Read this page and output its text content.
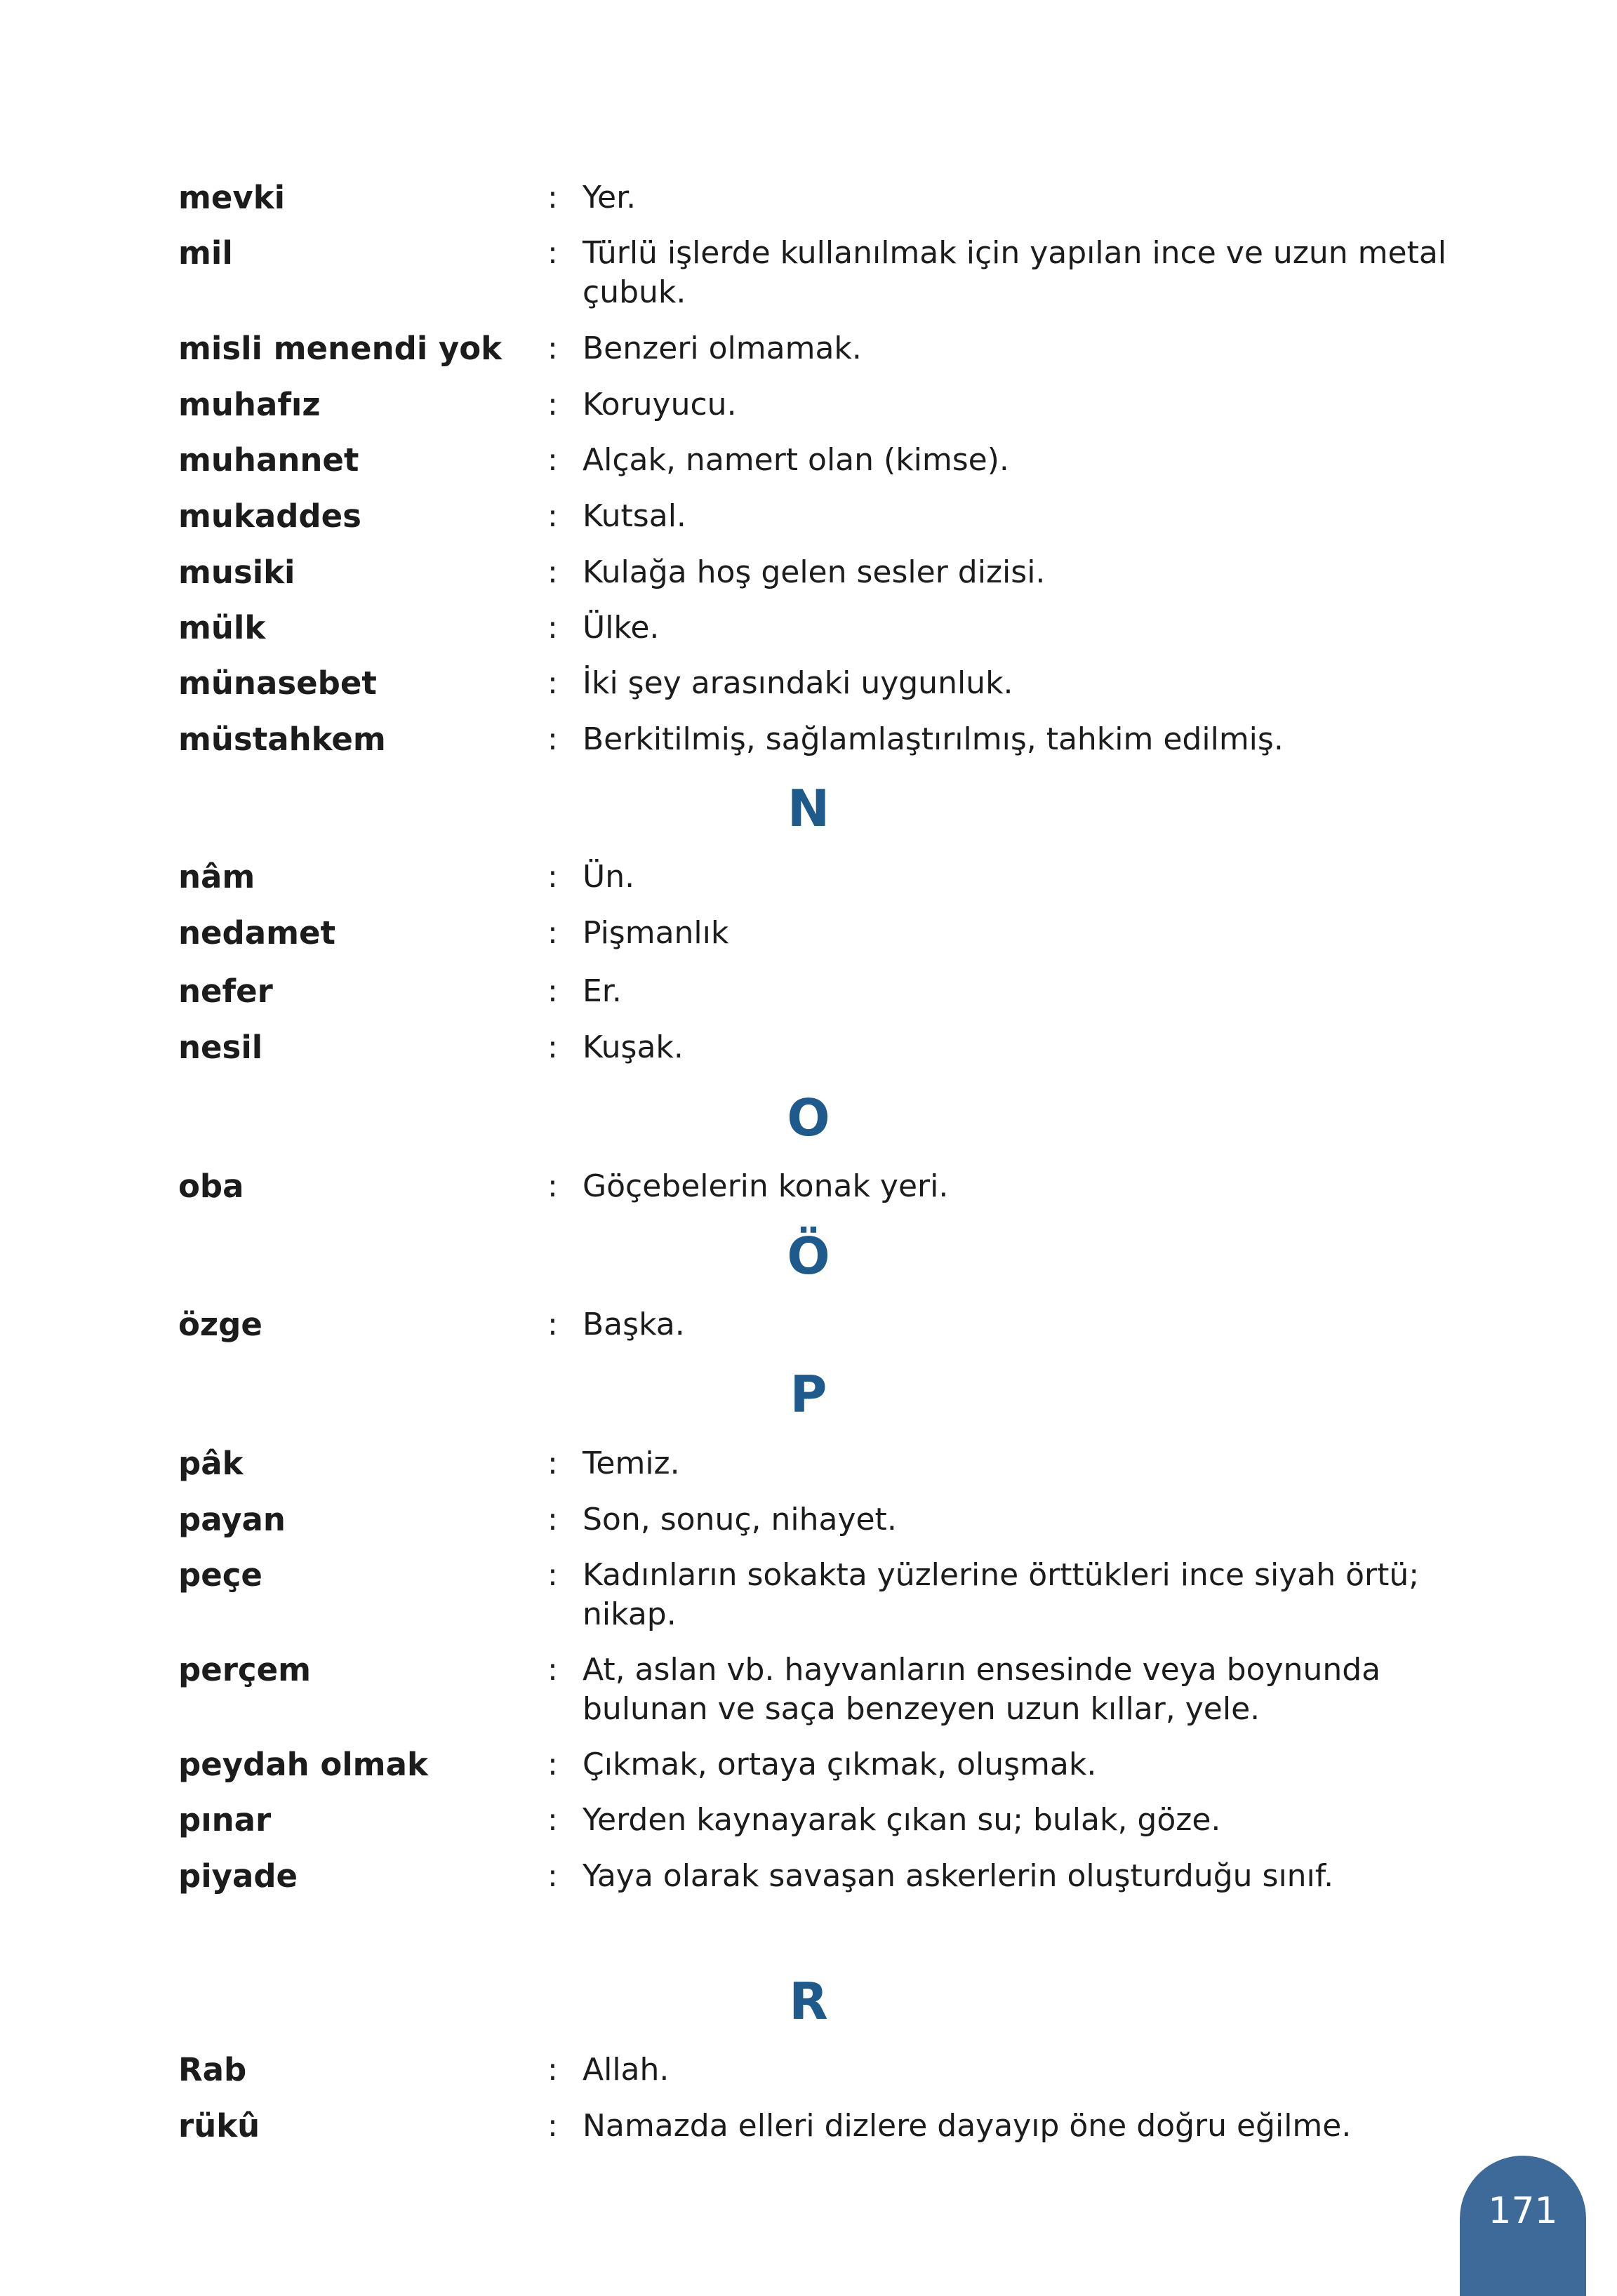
mevki	: Yer.
mil	: Türlü işlerde kullanılmak için yapılan ince ve uzun metal çubuk.
misli menendi yok : Benzeri olmamak.
muhafız	: Koruyucu.
muhannet	: Alçak, namert olan (kimse).
mukaddes	: Kutsal.
musiki	: Kulağa hoş gelen sesler dizisi.
mülk	: Ülke.
münasebet	: İki şey arasındaki uygunluk.
müstahkem	: Berkitilmiş, sağlamlaştırılmış, tahkim edilmiş.
nâm	: Ün.
nedamet	: Pişmanlık
nefer	: Er.
nesil	: Kuşak.
oba	: Göçebelerin konak yeri.
özge	: Başka.
pâk	: Temiz.
payan	: Son, sonuç, nihayet.
peçe	: Kadınların sokakta yüzlerine örttükleri ince siyah örtü; nikap.
perçem	: At, aslan vb. hayvanların ensesinde veya boynunda bulunan ve saça benzeyen uzun kıllar, yele.
peydah olmak	: Çıkmak, ortaya çıkmak, oluşmak.
pınar	: Yerden kaynayarak çıkan su; bulak, göze.
piyade	: Yaya olarak savaşan askerlerin oluşturduğu sınıf.
Rab	: Allah.
rükû	: Namazda elleri dizlere dayayıp öne doğru eğilme.
N
O
Ö
P
R
171
